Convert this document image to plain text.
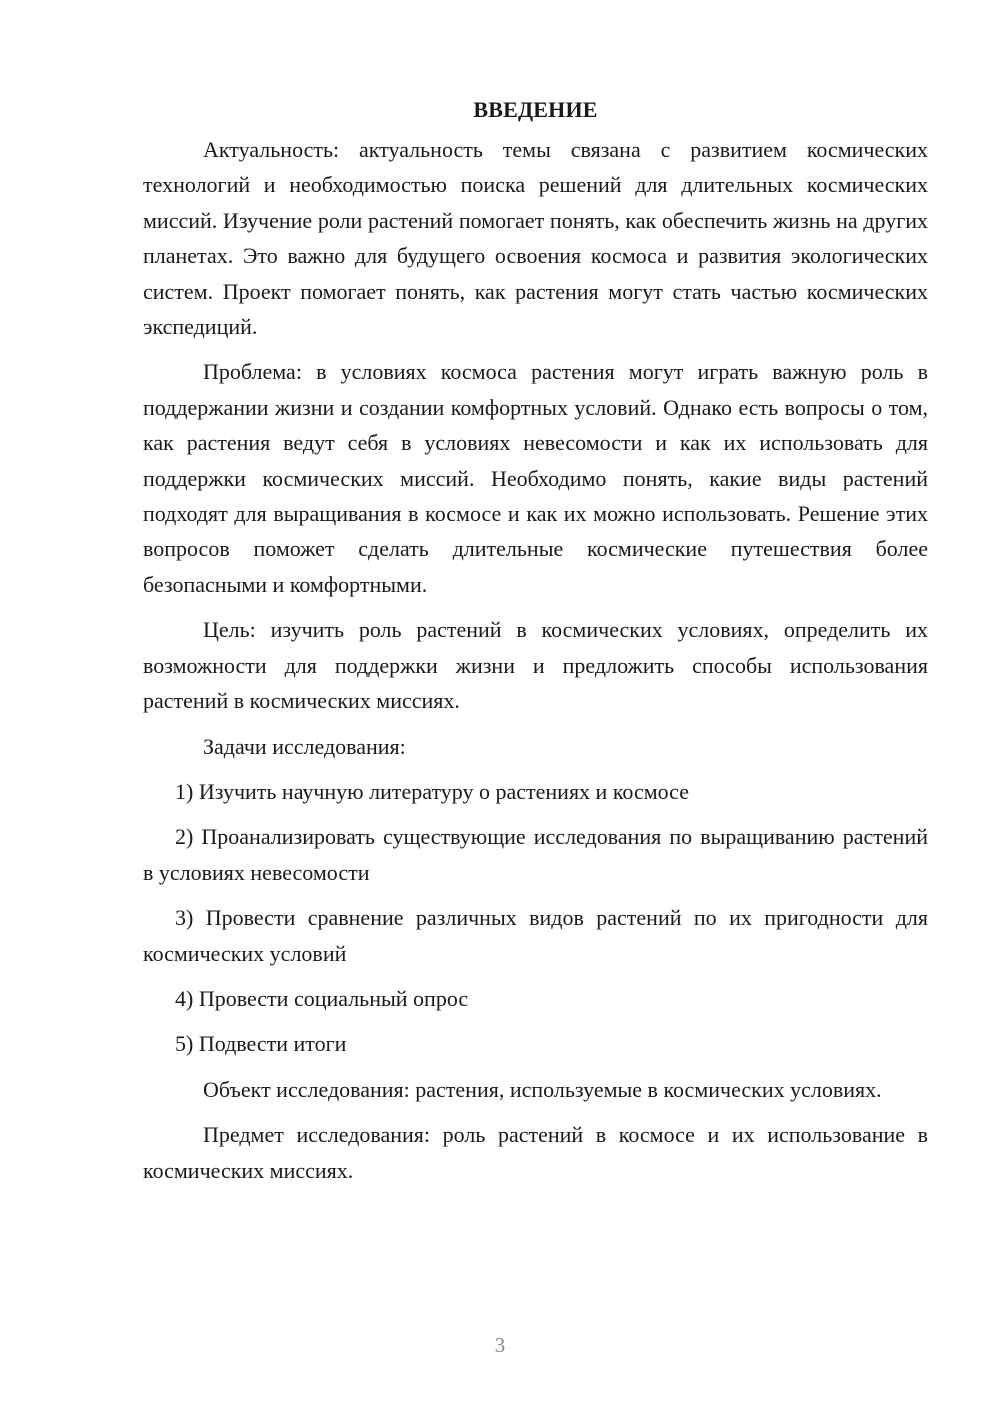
ВВЕДЕНИЕ

Актуальность: актуальность темы связана с развитием космических технологий и необходимостью поиска решений для длительных космических миссий. Изучение роли растений помогает понять, как обеспечить жизнь на других планетах. Это важно для будущего освоения космоса и развития экологических систем. Проект помогает понять, как растения могут стать частью космических экспедиций.

Проблема: в условиях космоса растения могут играть важную роль в поддержании жизни и создании комфортных условий. Однако есть вопросы о том, как растения ведут себя в условиях невесомости и как их использовать для поддержки космических миссий. Необходимо понять, какие виды растений подходят для выращивания в космосе и как их можно использовать. Решение этих вопросов поможет сделать длительные космические путешествия более безопасными и комфортными.

Цель: изучить роль растений в космических условиях, определить их возможности для поддержки жизни и предложить способы использования растений в космических миссиях.

Задачи исследования:

1) Изучить научную литературу о растениях и космосе

2) Проанализировать существующие исследования по выращиванию растений в условиях невесомости

3) Провести сравнение различных видов растений по их пригодности для космических условий

4) Провести социальный опрос

5) Подвести итоги

Объект исследования: растения, используемые в космических условиях.

Предмет исследования: роль растений в космосе и их использование в космических миссиях.

3
